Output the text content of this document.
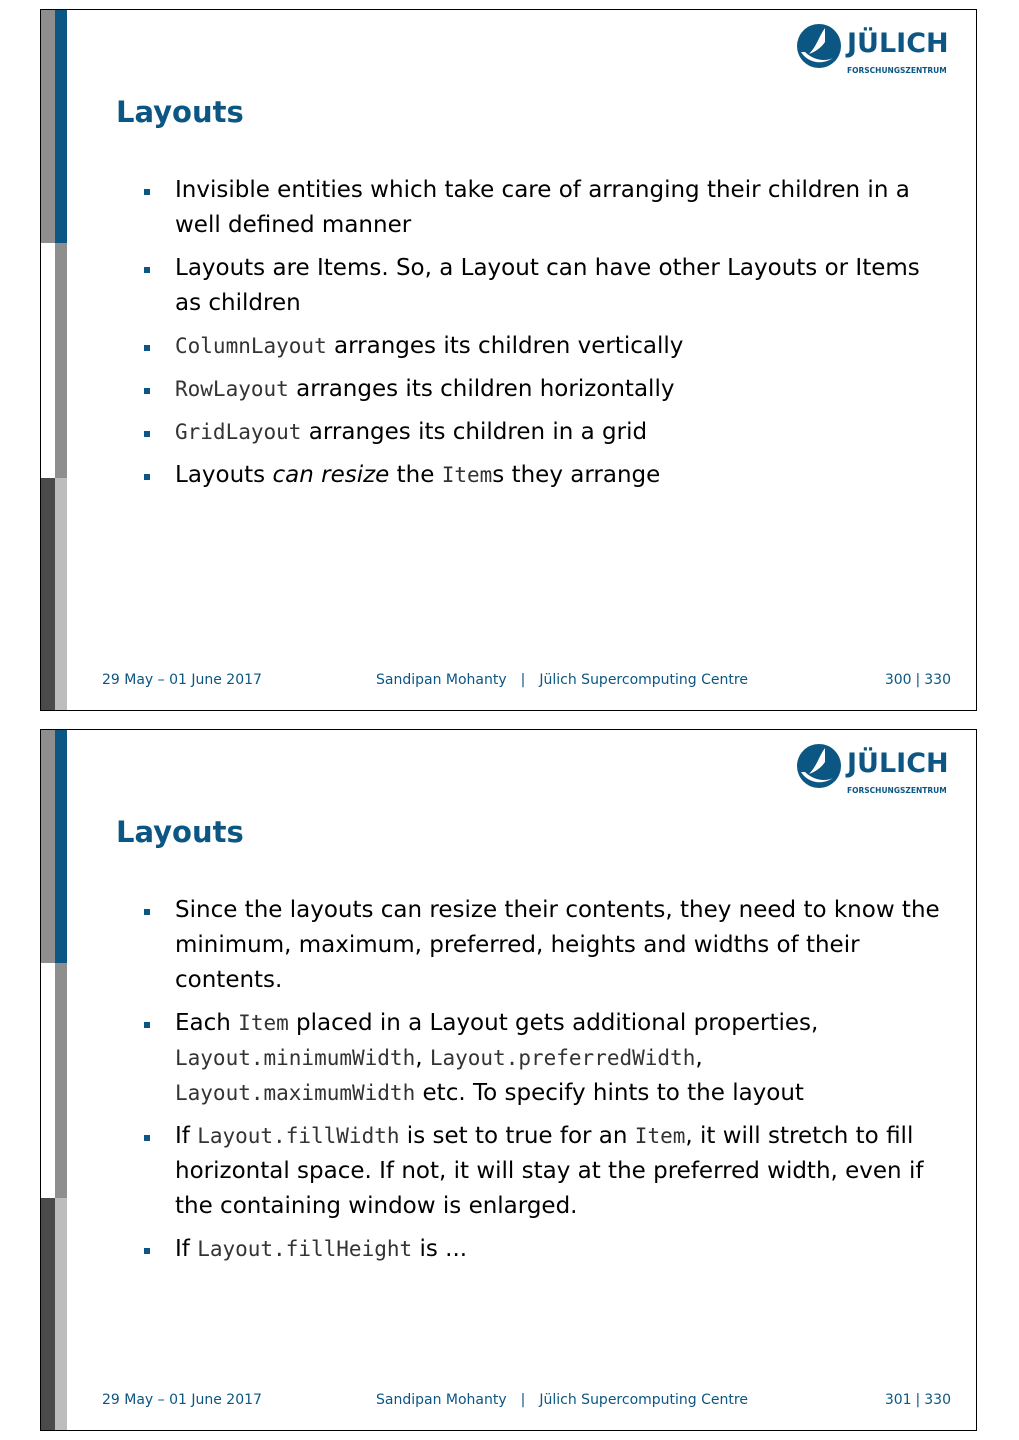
JÜLICH
FORSCHUNGSZENTRUM
Layouts
Invisible entities which take care of arranging their children in a well defined manner
Layouts are Items. So, a Layout can have other Layouts or Items as children
ColumnLayout arranges its children vertically
RowLayout arranges its children horizontally
GridLayout arranges its children in a grid
Layouts can resize the Items they arrange
29 May – 01 June 2017	Sandipan Mohanty | Jülich Supercomputing Centre	300 | 330
JÜLICH
FORSCHUNGSZENTRUM
Layouts
Since the layouts can resize their contents, they need to know the minimum, maximum, preferred, heights and widths of their contents.
Each Item placed in a Layout gets additional properties, Layout.minimumWidth, Layout.preferredWidth, Layout.maximumWidth etc. To specify hints to the layout
If Layout.fillWidth is set to true for an Item, it will stretch to fill horizontal space. If not, it will stay at the preferred width, even if the containing window is enlarged.
If Layout.fillHeight is ...
29 May – 01 June 2017	Sandipan Mohanty | Jülich Supercomputing Centre	301 | 330
